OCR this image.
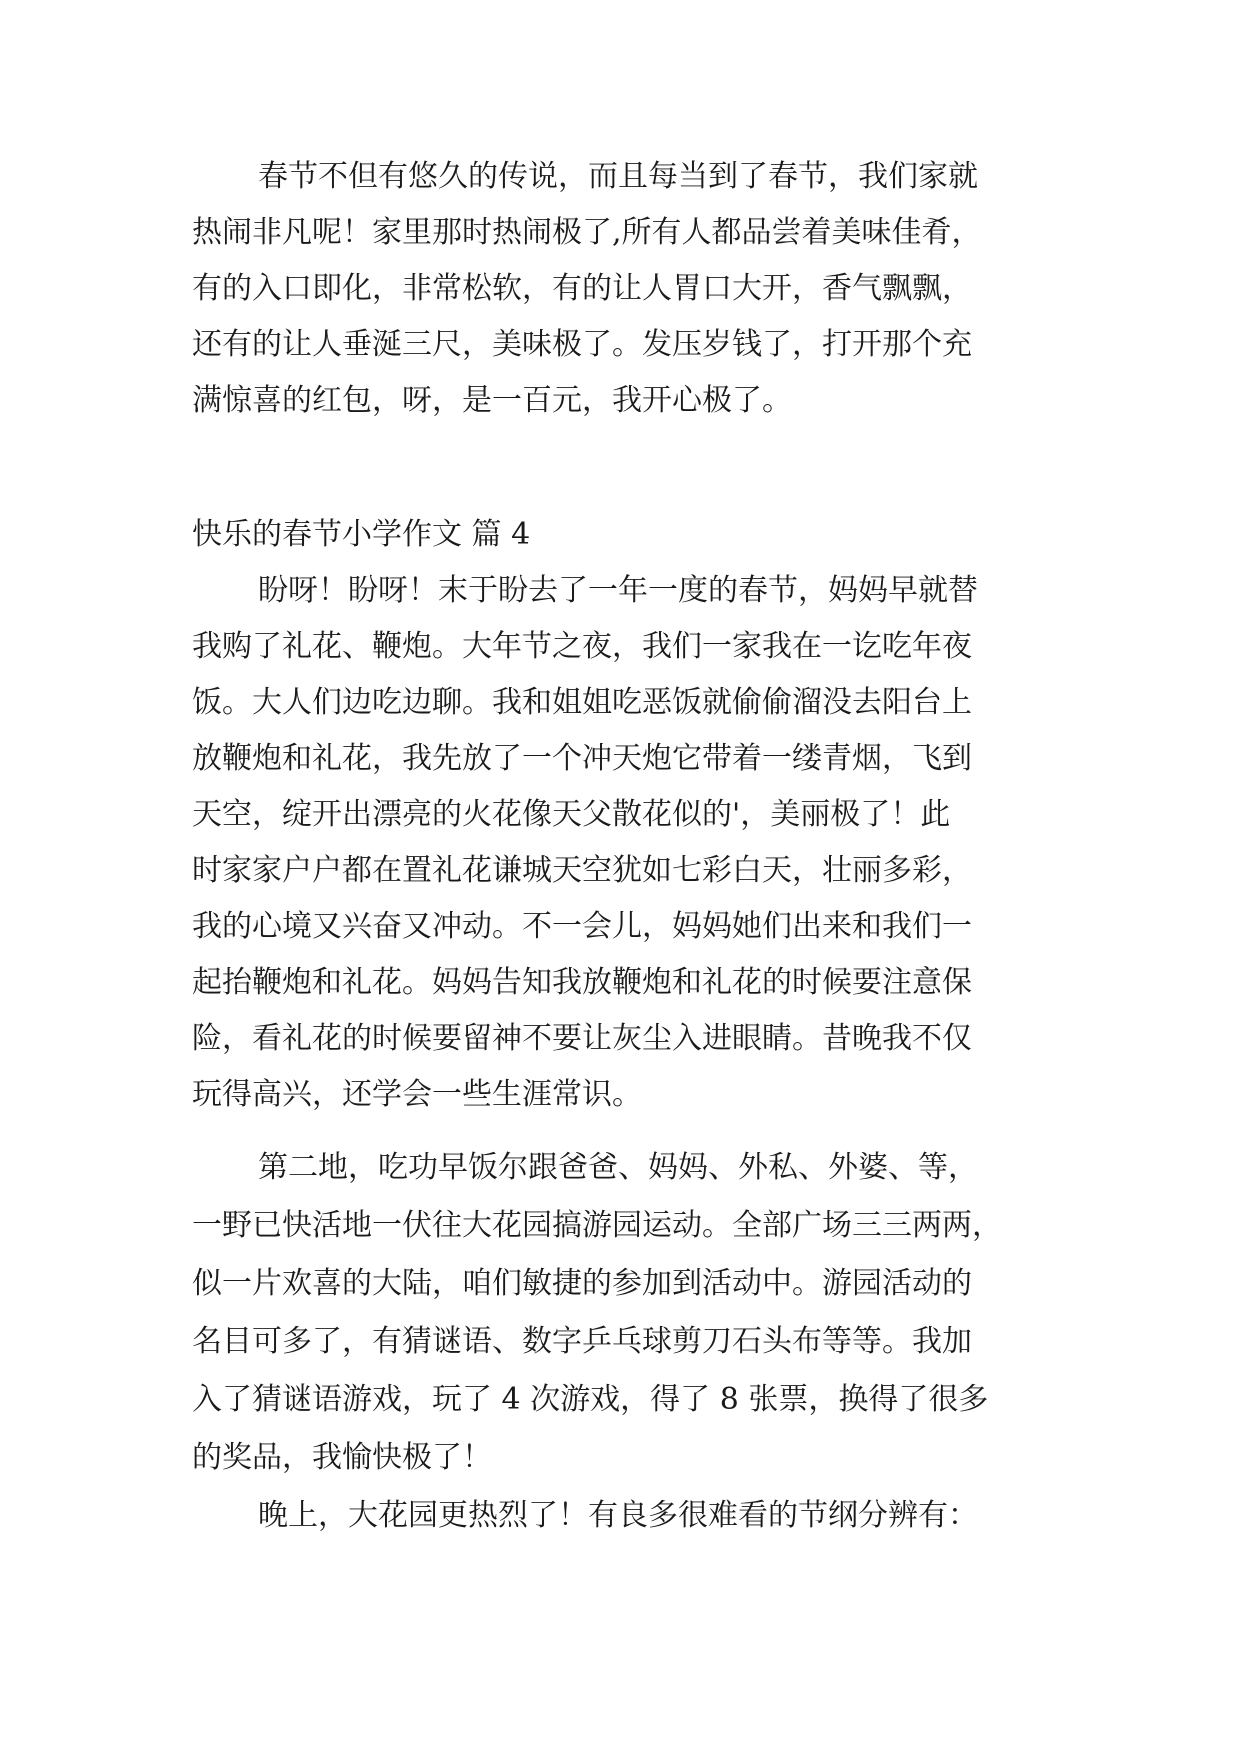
春节不但有悠久的传说，而且每当到了春节，我们家就
热闹非凡呢！家里那时热闹极了,所有人都品尝着美味佳肴，
有的入口即化，非常松软，有的让人胃口大开，香气飘飘，
还有的让人垂涎三尺，美味极了。发压岁钱了，打开那个充
满惊喜的红包，呀，是一百元，我开心极了。
快乐的春节小学作文 篇 4
盼呀！盼呀！末于盼去了一年一度的春节，妈妈早就替
我购了礼花、鞭炮。大年节之夜，我们一家我在一讫吃年夜
饭。大人们边吃边聊。我和姐姐吃恶饭就偷偷溜没去阳台上
放鞭炮和礼花，我先放了一个冲天炮它带着一缕青烟，飞到
天空，绽开出漂亮的火花像天父散花似的'，美丽极了！此
时家家户户都在置礼花谦城天空犹如七彩白天，壮丽多彩，
我的心境又兴奋又冲动。不一会儿，妈妈她们出来和我们一
起抬鞭炮和礼花。妈妈告知我放鞭炮和礼花的时候要注意保
险，看礼花的时候要留神不要让灰尘入进眼睛。昔晚我不仅
玩得高兴，还学会一些生涯常识。
第二地，吃功早饭尔跟爸爸、妈妈、外私、外婆、等，
一野已快活地一伏往大花园搞游园运动。全部广场三三两两，
似一片欢喜的大陆，咱们敏捷的参加到活动中。游园活动的
名目可多了，有猜谜语、数字乒乓球剪刀石头布等等。我加
入了猜谜语游戏，玩了 4 次游戏，得了 8 张票，换得了很多
的奖品，我愉快极了！
晚上，大花园更热烈了！有良多很难看的节纲分辨有：
